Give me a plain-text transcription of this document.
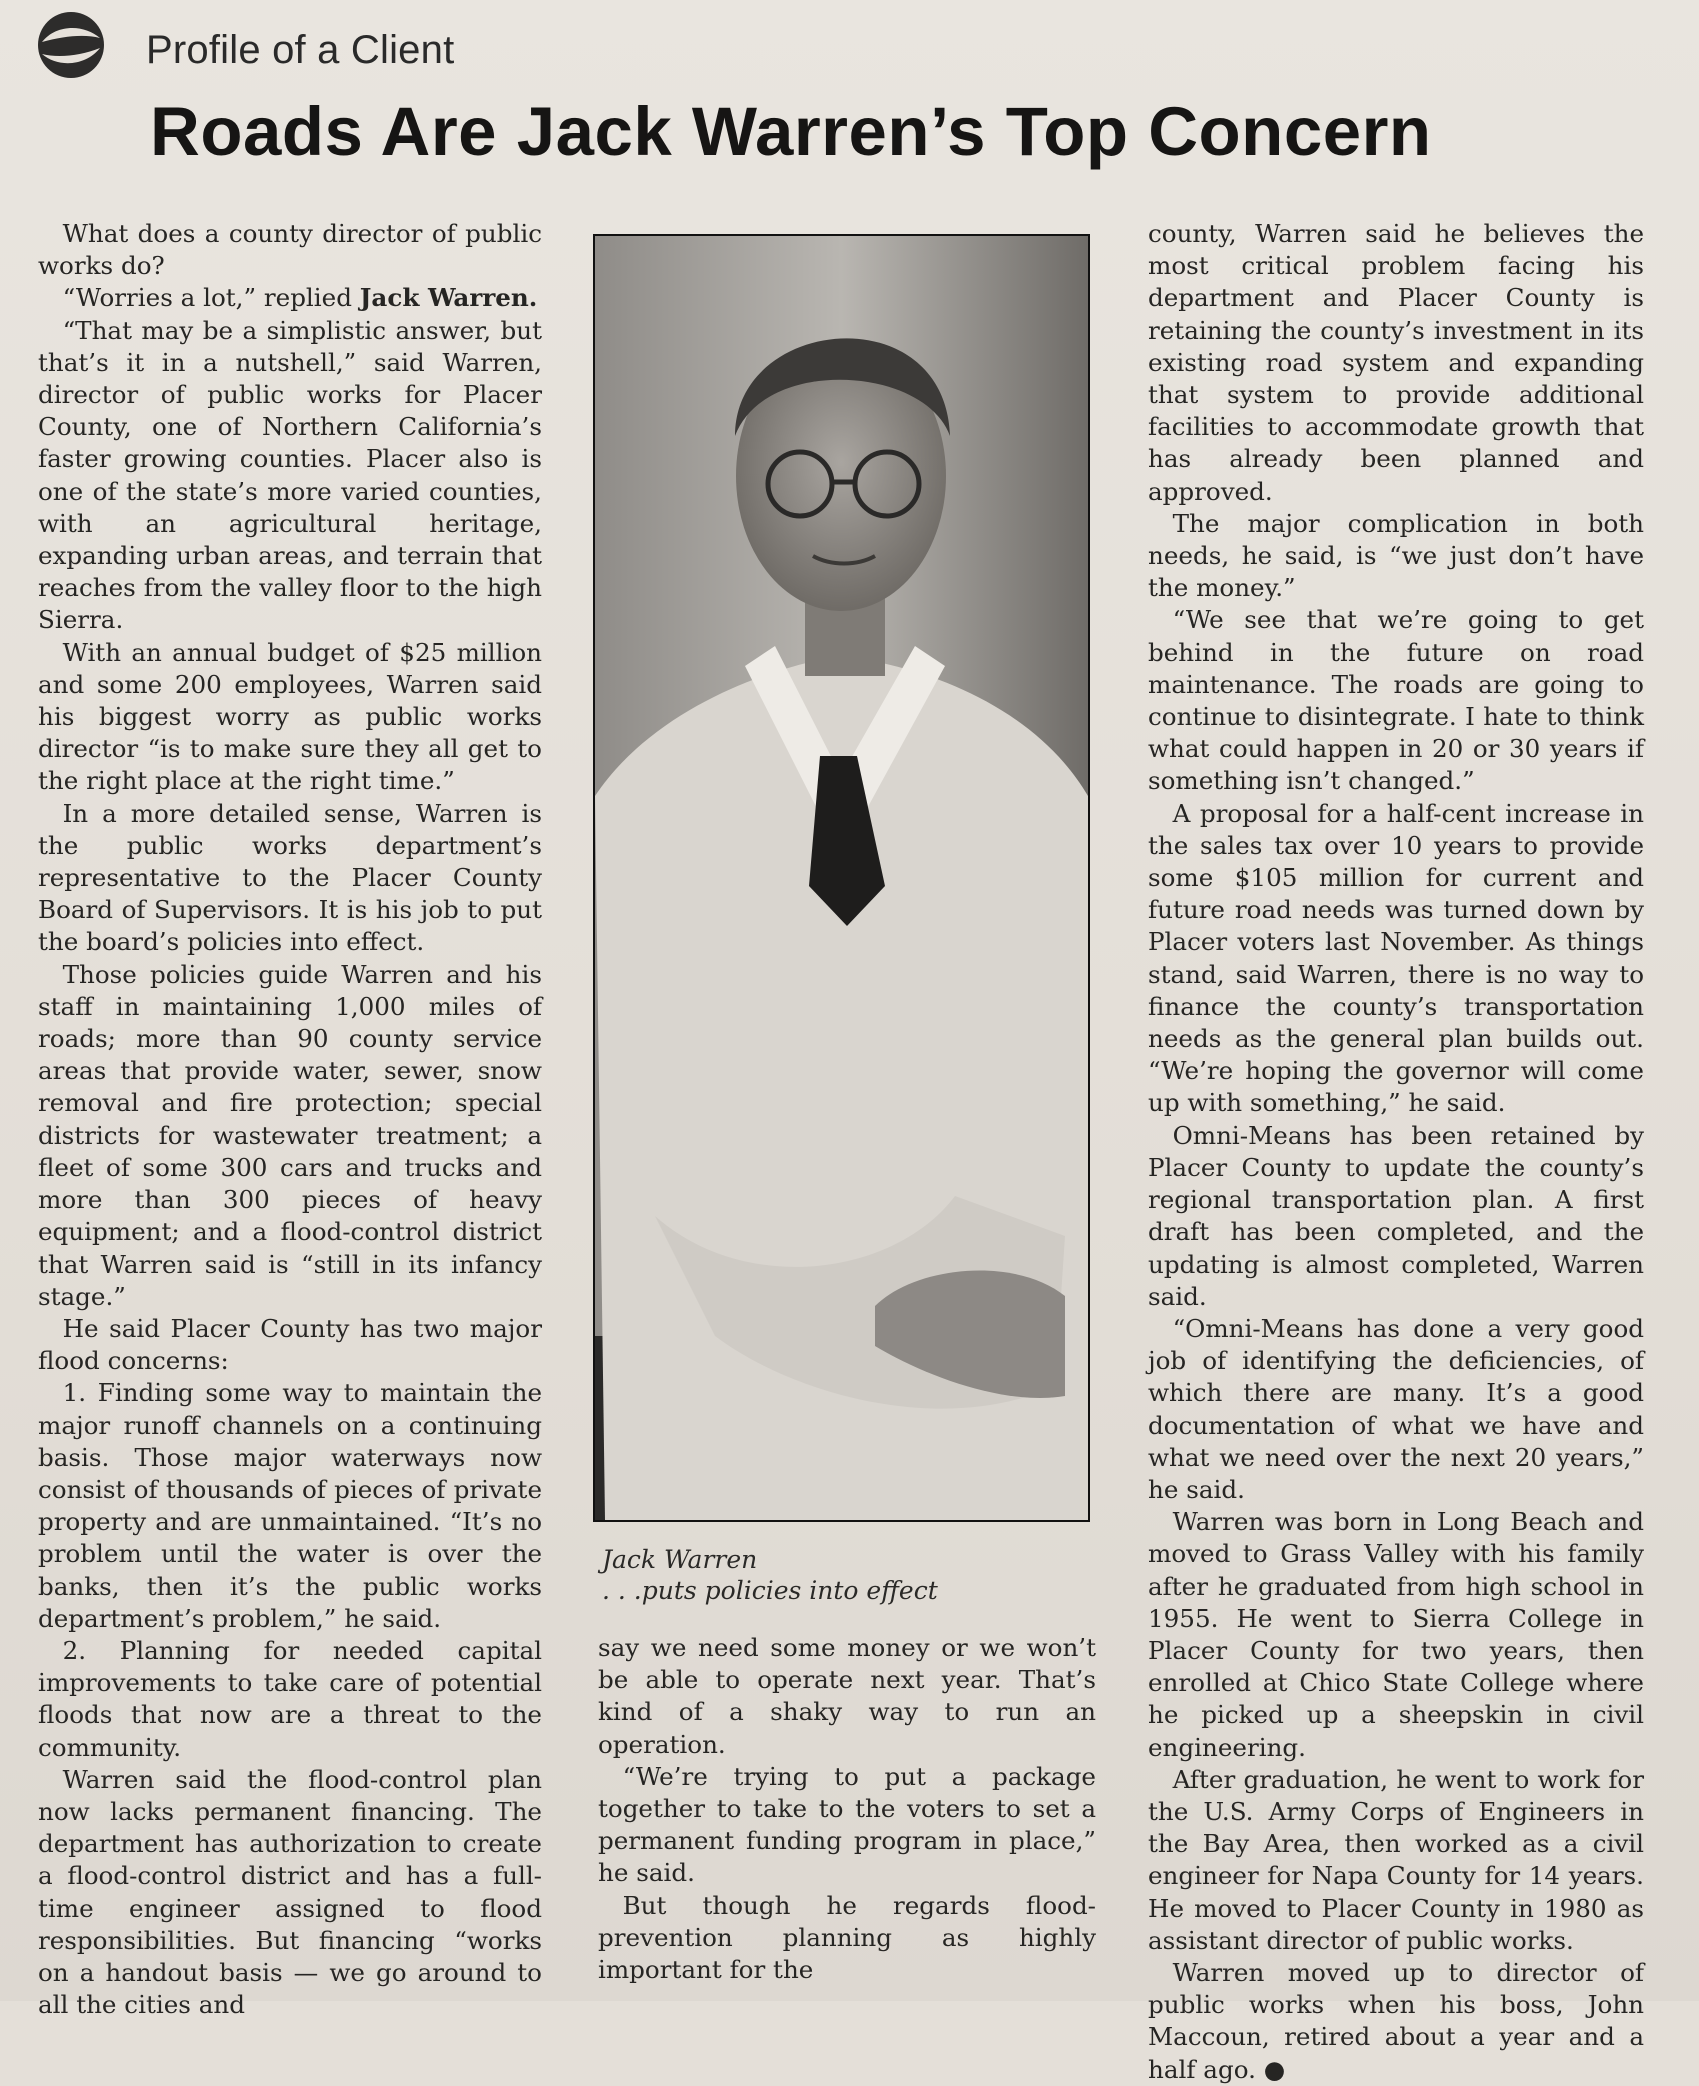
Profile of a Client
Roads Are Jack Warren’s Top Concern

What does a county director of public works do?

“Worries a lot,” replied Jack Warren.

“That may be a simplistic answer, but that’s it in a nutshell,” said Warren, director of public works for Placer County, one of Northern California’s faster growing counties. Placer also is one of the state’s more varied counties, with an agricultural heritage, expanding urban areas, and terrain that reaches from the valley floor to the high Sierra.

With an annual budget of $25 million and some 200 employees, Warren said his biggest worry as public works director “is to make sure they all get to the right place at the right time.”

In a more detailed sense, Warren is the public works department’s representative to the Placer County Board of Supervisors. It is his job to put the board’s policies into effect.

Those policies guide Warren and his staff in maintaining 1,000 miles of roads; more than 90 county service areas that provide water, sewer, snow removal and fire protection; special districts for wastewater treatment; a fleet of some 300 cars and trucks and more than 300 pieces of heavy equipment; and a flood-control district that Warren said is “still in its infancy stage.”

He said Placer County has two major flood concerns:

1. Finding some way to maintain the major runoff channels on a continuing basis. Those major waterways now consist of thousands of pieces of private property and are unmaintained. “It’s no problem until the water is over the banks, then it’s the public works department’s problem,” he said.

2. Planning for needed capital improvements to take care of potential floods that now are a threat to the community.

Warren said the flood-control plan now lacks permanent financing. The department has authorization to create a flood-control district and has a full-time engineer assigned to flood responsibilities. But financing “works on a handout basis — we go around to all the cities and

Jack Warren
. . .puts policies into effect

say we need some money or we won’t be able to operate next year. That’s kind of a shaky way to run an operation.

“We’re trying to put a package together to take to the voters to set a permanent funding program in place,” he said.

But though he regards flood-prevention planning as highly important for the

county, Warren said he believes the most critical problem facing his department and Placer County is retaining the county’s investment in its existing road system and expanding that system to provide additional facilities to accommodate growth that has already been planned and approved.

The major complication in both needs, he said, is “we just don’t have the money.”

“We see that we’re going to get behind in the future on road maintenance. The roads are going to continue to disintegrate. I hate to think what could happen in 20 or 30 years if something isn’t changed.”

A proposal for a half-cent increase in the sales tax over 10 years to provide some $105 million for current and future road needs was turned down by Placer voters last November. As things stand, said Warren, there is no way to finance the county’s transportation needs as the general plan builds out. “We’re hoping the governor will come up with something,” he said.

Omni-Means has been retained by Placer County to update the county’s regional transportation plan. A first draft has been completed, and the updating is almost completed, Warren said.

“Omni-Means has done a very good job of identifying the deficiencies, of which there are many. It’s a good documentation of what we have and what we need over the next 20 years,” he said.

Warren was born in Long Beach and moved to Grass Valley with his family after he graduated from high school in 1955. He went to Sierra College in Placer County for two years, then enrolled at Chico State College where he picked up a sheepskin in civil engineering.

After graduation, he went to work for the U.S. Army Corps of Engineers in the Bay Area, then worked as a civil engineer for Napa County for 14 years. He moved to Placer County in 1980 as assistant director of public works.

Warren moved up to director of public works when his boss, John Maccoun, retired about a year and a half ago. ●
